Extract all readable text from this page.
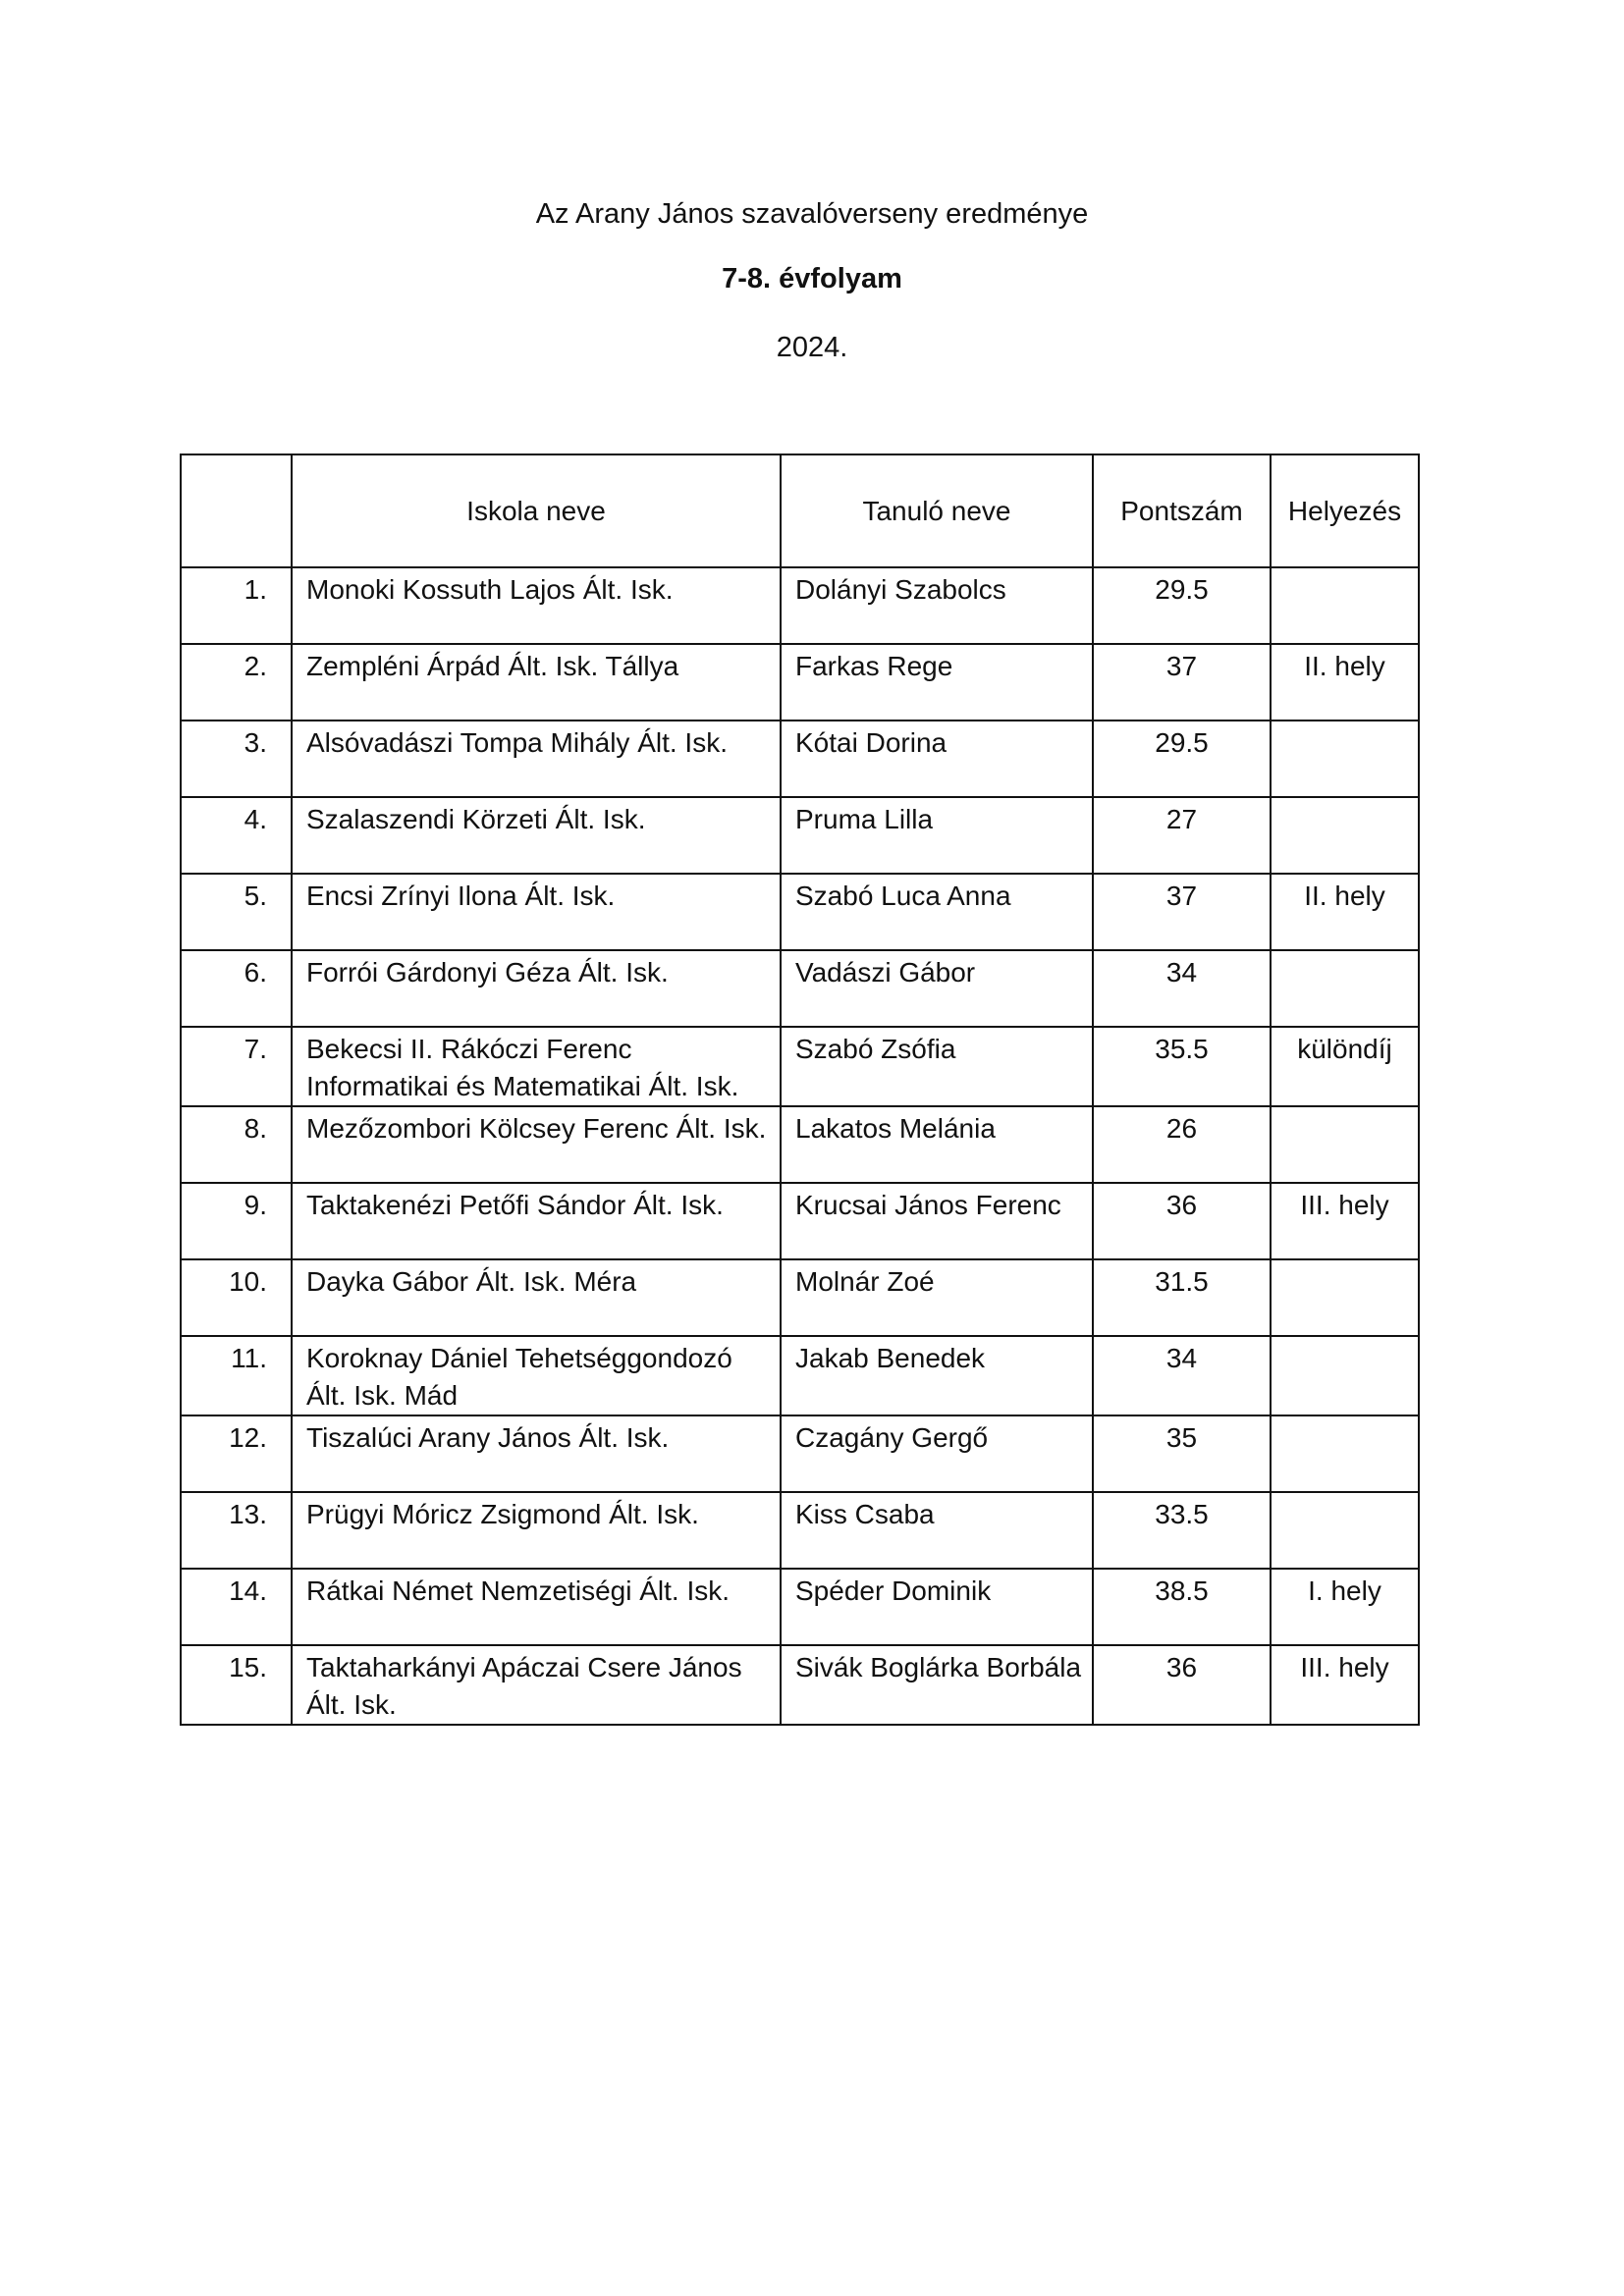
Az Arany János szavalóverseny eredménye
7-8. évfolyam
2024.
	Iskola neve	Tanuló neve	Pontszám	Helyezés
1.	Monoki Kossuth Lajos Ált. Isk.	Dolányi Szabolcs	29.5	
2.	Zempléni Árpád Ált. Isk. Tállya	Farkas Rege	37	II. hely
3.	Alsóvadászi Tompa Mihály Ált. Isk.	Kótai Dorina	29.5	
4.	Szalaszendi Körzeti Ált. Isk.	Pruma Lilla	27	
5.	Encsi Zrínyi Ilona Ált. Isk.	Szabó Luca Anna	37	II. hely
6.	Forrói Gárdonyi Géza Ált. Isk.	Vadászi Gábor	34	
7.	Bekecsi II. Rákóczi Ferenc
Informatikai és Matematikai Ált. Isk.	Szabó Zsófia	35.5	különdíj
8.	Mezőzombori Kölcsey Ferenc Ált. Isk.	Lakatos Melánia	26	
9.	Taktakenézi Petőfi Sándor Ált. Isk.	Krucsai János Ferenc	36	III. hely
10.	Dayka Gábor Ált. Isk. Méra	Molnár Zoé	31.5	
11.	Koroknay Dániel Tehetséggondozó
Ált. Isk. Mád	Jakab Benedek	34	
12.	Tiszalúci Arany János Ált. Isk.	Czagány Gergő	35	
13.	Prügyi Móricz Zsigmond Ált. Isk.	Kiss Csaba	33.5	
14.	Rátkai Német Nemzetiségi Ált. Isk.	Spéder Dominik	38.5	I. hely
15.	Taktaharkányi Apáczai Csere János
Ált. Isk.	Sivák Boglárka Borbála	36	III. hely
